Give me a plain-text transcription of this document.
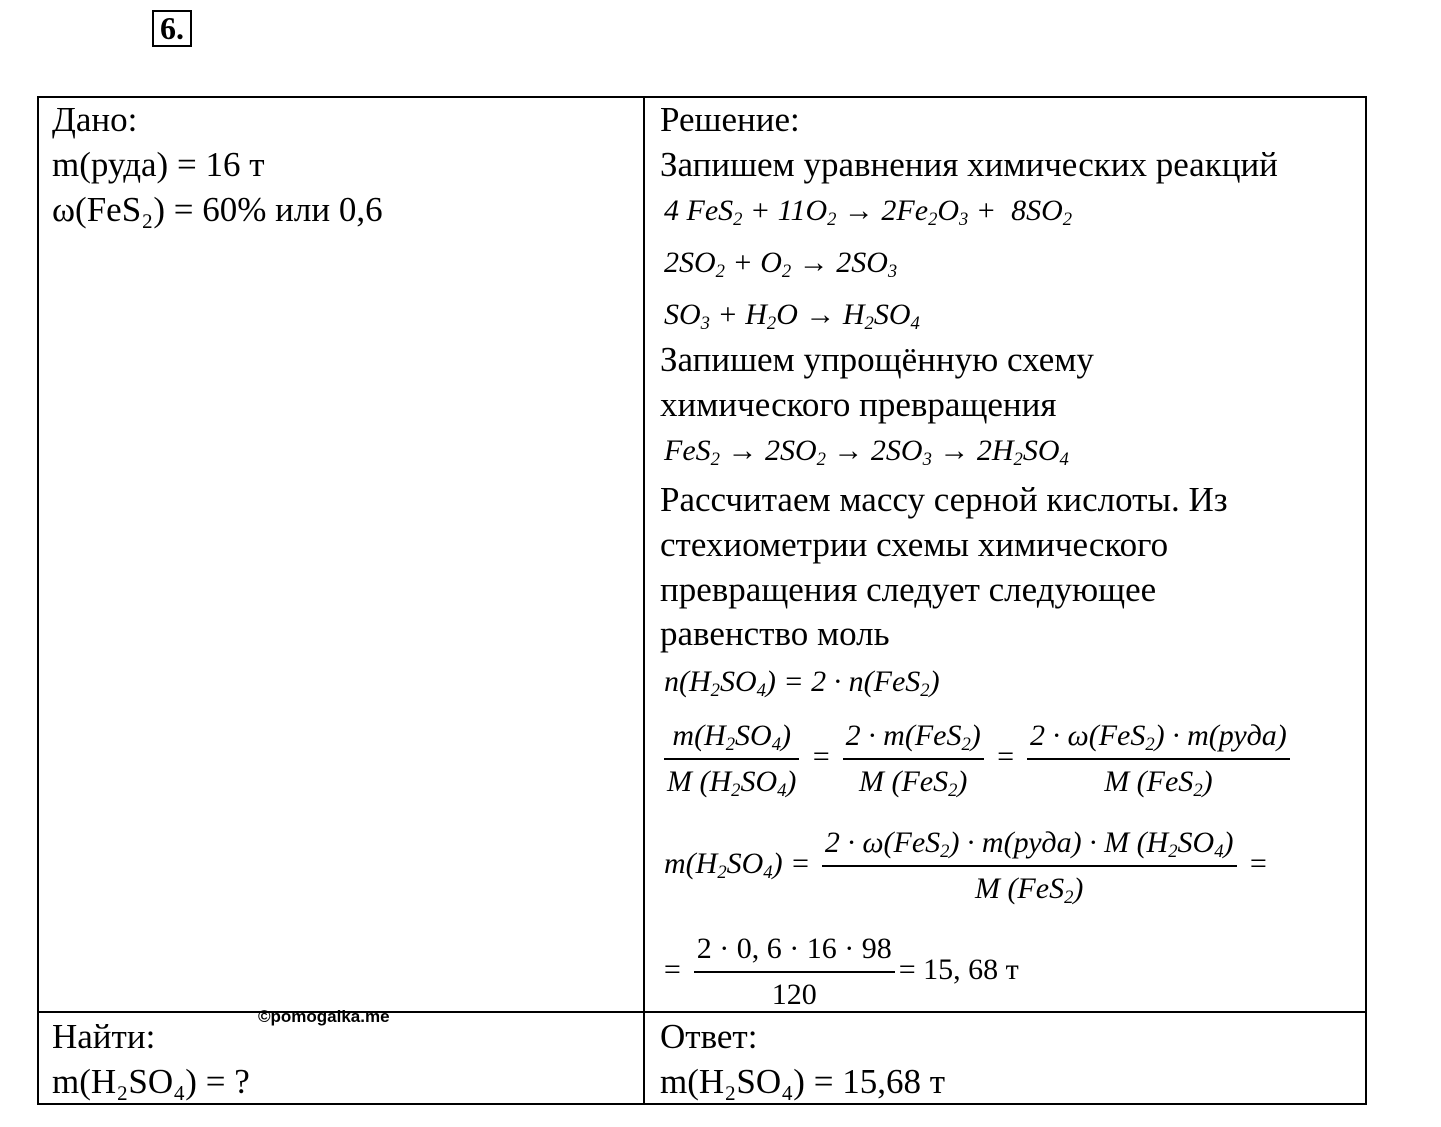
6.
Дано:
m(руда) = 16 т
ω(FeS₂) = 60% или 0,6
Найти:
m(H₂SO₄) = ?
©pomogalka.me
Решение:
Запишем уравнения химических реакций
4 $FeS_2 + 11O_2 \to 2Fe_2O_3 + 8SO_2$
$2SO_2 + O_2 \to 2SO_3$
$SO_3 + H_2O \to H_2SO_4$
Запишем упрощённую схему
химического превращения
$FeS_2 \to 2SO_2 \to 2SO_3 \to 2H_2SO_4$
Рассчитаем массу серной кислоты. Из
стехиометрии схемы химического
превращения следует следующее
равенство моль
$n(H_2SO_4) = 2 \cdot n(FeS_2)$
$\frac{m(H_2SO_4)}{M (H_2SO_4)} = \frac{2 \cdot m(FeS_2)}{M (FeS_2)} = \frac{2 \cdot \omega(FeS_2) \cdot m(руда)}{M (FeS_2)}$
$m(H_2SO_4) = \frac{2 \cdot \omega(FeS_2) \cdot m(руда) \cdot M (H_2SO_4)}{M (FeS_2)}$ =
= $\frac{2 \cdot 0, 6 \cdot 16 \cdot 98}{120} = 15$, 68 т
Ответ:
m(H₂SO₄) = 15,68 т
